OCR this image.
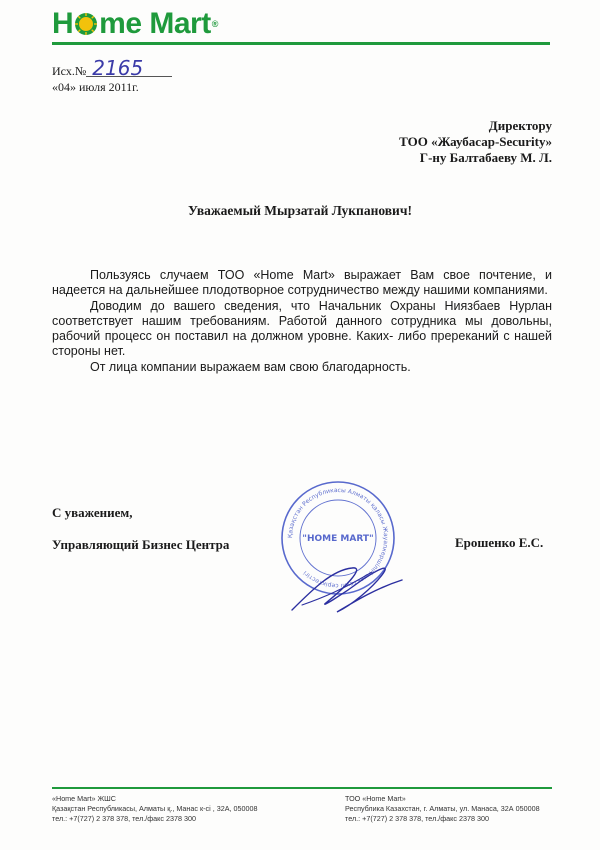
H me Mart ®
Исх.№ 2165
«04» июля 2011г.
Директору
ТОО «Жаубасар-Security»
Г-ну Балтабаеву М. Л.
Уважаемый Мырзатай Лукпанович!

Пользуясь случаем ТОО «Home Mart» выражает Вам свое почтение, и надеется на дальнейшее плодотворное сотрудничество между нашими компаниями.

Доводим до вашего сведения, что Начальник Охраны Ниязбаев Нурлан соответствует нашим требованиям. Работой данного сотрудника мы довольны, рабочий процесс он поставил на должном уровне. Каких- либо пререканий с нашей стороны нет.

От лица компании выражаем вам свою благодарность.

С уважением,
Управляющий Бизнес Центра	Ерошенко Е.С.
Қазақстан Республикасы Алматы қаласы Жауапкершілігі шектеулі серіктестігі
"HOME MART"
«Home Mart» ЖШС
Қазақстан Республикасы, Алматы қ., Манас к-сі , 32А, 050008
тел.: +7(727) 2 378 378, тел./факс 2378 300
ТОО «Home Mart»
Республика Казахстан, г. Алматы, ул. Манаса, 32А 050008
тел.: +7(727) 2 378 378, тел./факс 2378 300
